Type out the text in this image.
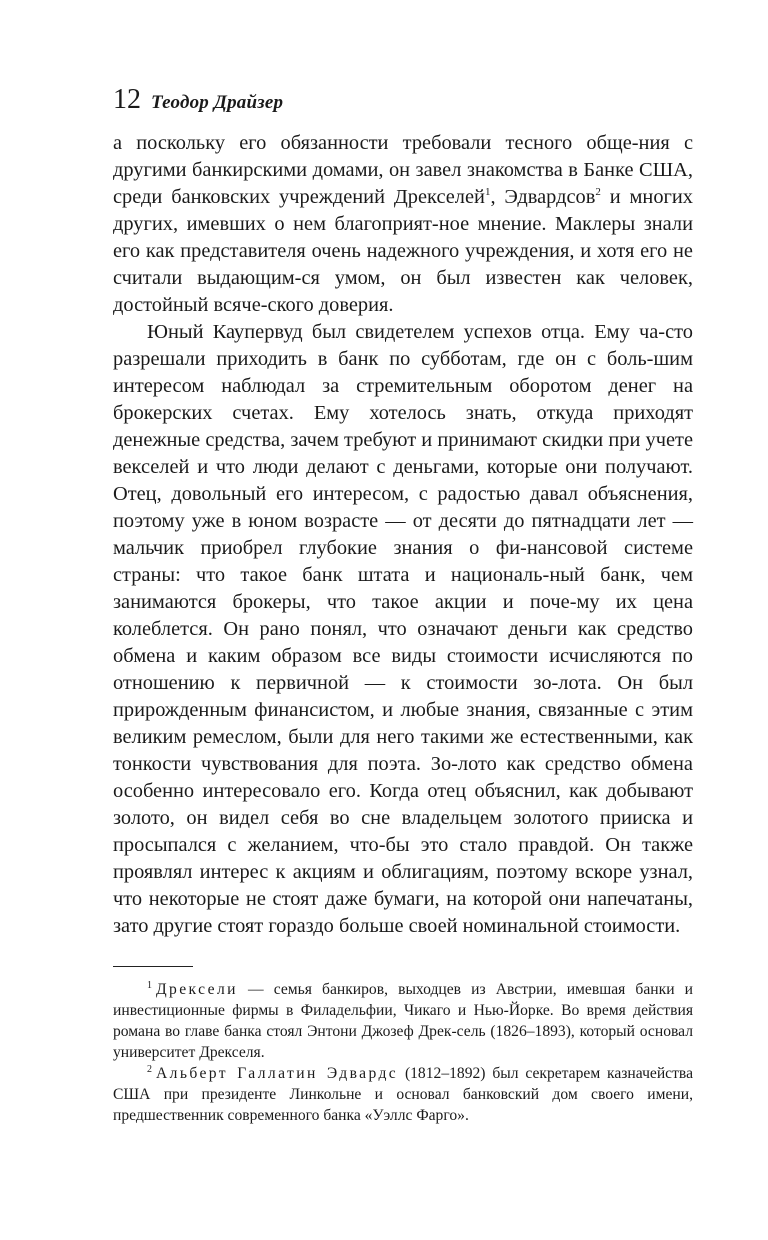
12 Теодор Драйзер

а поскольку его обязанности требовали тесного обще-ния с другими банкирскими домами, он завел знакомства в Банке США, среди банковских учреждений Дрекселей$^1$, Эдвардсов$^2$ и многих других, имевших о нем благоприят-ное мнение. Маклеры знали его как представителя очень надежного учреждения, и хотя его не считали выдающим-ся умом, он был известен как человек, достойный всяче-ского доверия.

Юный Каупервуд был свидетелем успехов отца. Ему ча-сто разрешали приходить в банк по субботам, где он с боль-шим интересом наблюдал за стремительным оборотом денег на брокерских счетах. Ему хотелось знать, откуда приходят денежные средства, зачем требуют и принимают скидки при учете векселей и что люди делают с деньгами, которые они получают. Отец, довольный его интересом, с радостью давал объяснения, поэтому уже в юном возрасте — от десяти до пятнадцати лет — мальчик приобрел глубокие знания о фи-нансовой системе страны: что такое банк штата и националь-ный банк, чем занимаются брокеры, что такое акции и поче-му их цена колеблется. Он рано понял, что означают деньги как средство обмена и каким образом все виды стоимости исчисляются по отношению к первичной — к стоимости зо-лота. Он был прирожденным финансистом, и любые знания, связанные с этим великим ремеслом, были для него такими же естественными, как тонкости чувствования для поэта. Зо-лото как средство обмена особенно интересовало его. Когда отец объяснил, как добывают золото, он видел себя во сне владельцем золотого прииска и просыпался с желанием, что-бы это стало правдой. Он также проявлял интерес к акциям и облигациям, поэтому вскоре узнал, что некоторые не стоят даже бумаги, на которой они напечатаны, зато другие стоят гораздо больше своей номинальной стоимости.

$^1$ Дрексели — семья банкиров, выходцев из Австрии, имевшая банки и инвестиционные фирмы в Филадельфии, Чикаго и Нью-Йорке. Во время действия романа во главе банка стоял Энтони Джозеф Дрек-сель (1826–1893), который основал университет Дрекселя.

$^2$ Альберт Галлатин Эдвардс (1812–1892) был секретарем казначейства США при президенте Линкольне и основал банковский дом своего имени, предшественник современного банка «Уэллс Фарго».
